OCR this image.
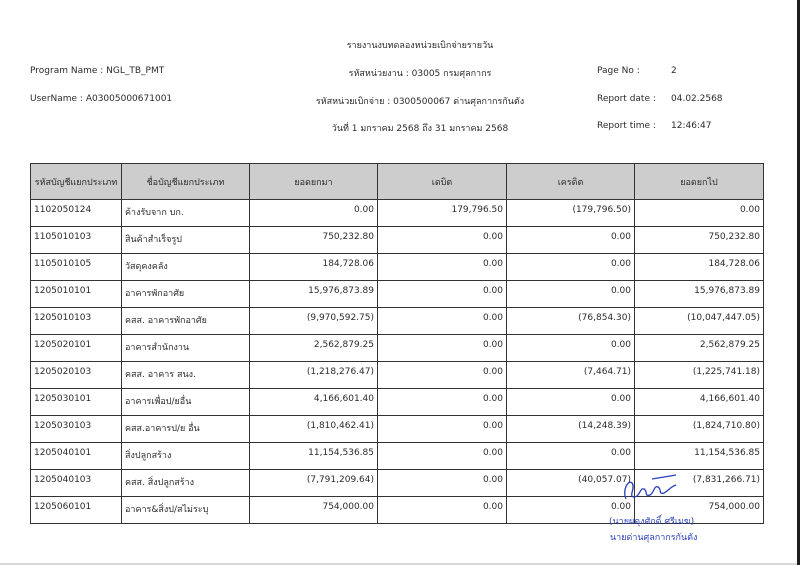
รายงานงบทดลองหน่วยเบิกจ่ายรายวัน
Program Name : NGL_TB_PMT	รหัสหน่วยงาน : 03005 กรมศุลกากร	Page No :	2
UserName : A03005000671001	รหัสหน่วยเบิกจ่าย : 0300500067 ด่านศุลกากรกันตัง	Report date : 04.02.2568
วันที่ 1 มกราคม 2568 ถึง 31 มกราคม 2568	Report time : 12:46:47
รหัสบัญชีแยกประเภท	ชื่อบัญชีแยกประเภท	ยอดยกมา	เดบิต	เครดิต	ยอดยกไป
1102050124	ค้างรับจาก บก.	0.00	179,796.50	(179,796.50)	0.00
1105010103	สินค้าสำเร็จรูป	750,232.80	0.00	0.00	750,232.80
1105010105	วัสดุคงคลัง	184,728.06	0.00	0.00	184,728.06
1205010101	อาคารพักอาศัย	15,976,873.89	0.00	0.00	15,976,873.89
1205010103	คสส. อาคารพักอาศัย	(9,970,592.75)	0.00	(76,854.30)	(10,047,447.05)
1205020101	อาคารสำนักงาน	2,562,879.25	0.00	0.00	2,562,879.25
1205020103	คสส. อาคาร สนง.	(1,218,276.47)	0.00	(7,464.71)	(1,225,741.18)
1205030101	อาคารเพื่อป/ยอื่น	4,166,601.40	0.00	0.00	4,166,601.40
1205030103	คสส.อาคารป/ย อื่น	(1,810,462.41)	0.00	(14,248.39)	(1,824,710.80)
1205040101	สิ่งปลูกสร้าง	11,154,536.85	0.00	0.00	11,154,536.85
1205040103	คสส. สิ่งปลูกสร้าง	(7,791,209.64)	0.00	(40,057.07)	(7,831,266.71)
1205060101	อาคาร&สิ่งป/สไม่ระบุ	754,000.00	0.00	0.00	754,000.00
(นายผดุงศักดิ์ ศรีเมฆ)
นายด่านศุลกากรกันตัง
